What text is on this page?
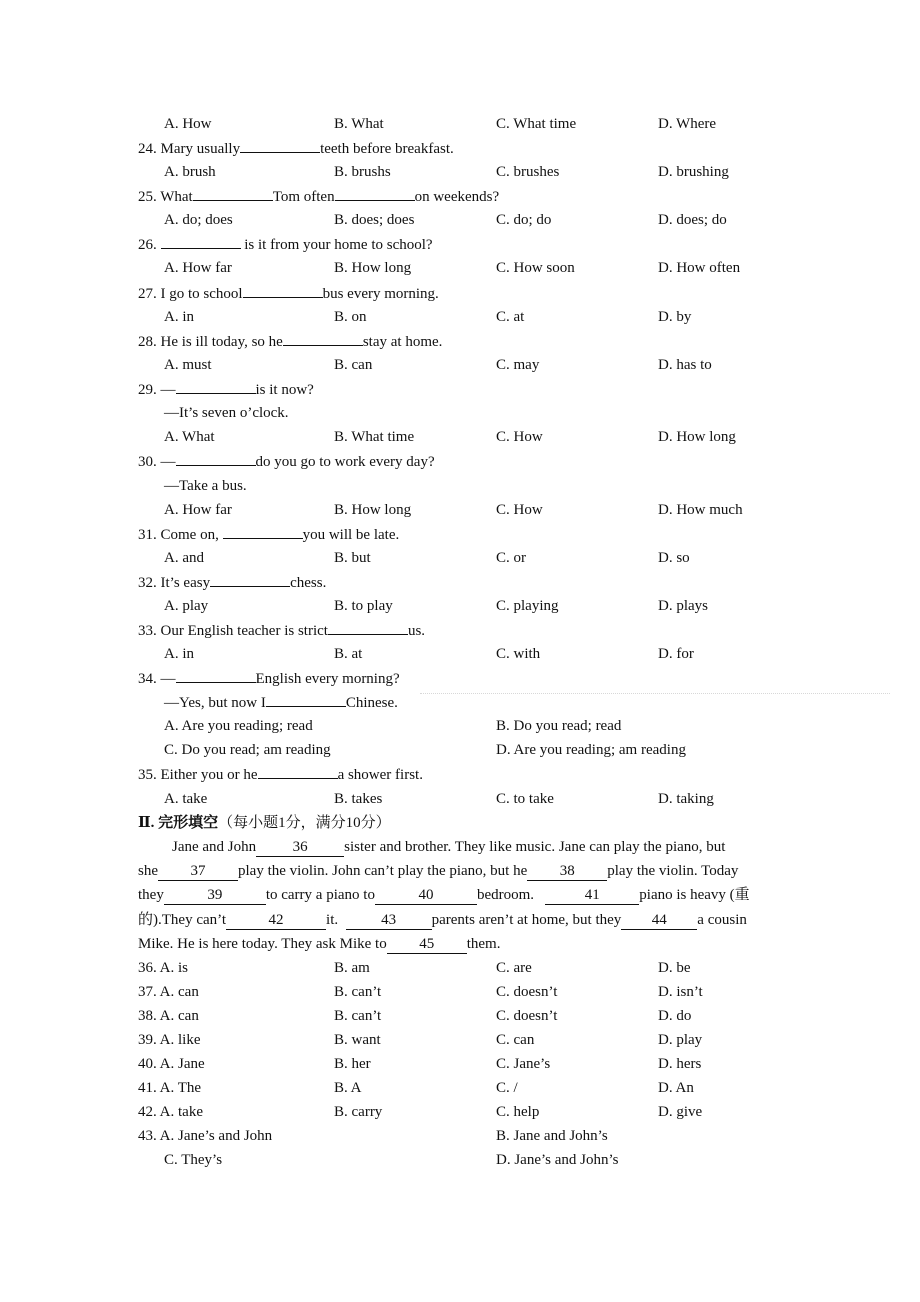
A. How	B. What	C. What time	D. Where
24. Mary usually	teeth before breakfast.
A. brush	B. brushs	C. brushes	D. brushing
25. What	Tom often	on weekends?
A. do; does	B. does; does	C. do; do	D. does; do
26.	is it from your home to school?
A. How far	B. How long	C. How soon	D. How often
27. I go to school	bus every morning.
A. in	B. on	C. at	D. by
28. He is ill today, so he	stay at home.
A. must	B. can	C. may	D. has to
29. —	is it now?
—It’s seven o’clock.
A. What	B. What time	C. How	D. How long
30. —	do you go to work every day?
—Take a bus.
A. How far	B. How long	C. How	D. How much
31. Come on,	you will be late.
A. and	B. but	C. or	D. so
32. It’s easy	chess.
A. play	B. to play	C. playing	D. plays
33. Our English teacher is strict	us.
A. in	B. at	C. with	D. for
34. —	English every morning?
—Yes, but now I	Chinese.
A. Are you reading; read	B. Do you read; read
C. Do you read; am reading	D. Are you reading; am reading
35. Either you or he	a shower first.
A. take	B. takes	C. to take	D. taking
Ⅱ. 完形填空（每小题1分，满分10分）
Jane and John 36 sister and brother. They like music. Jane can play the piano, but
she 37 play the violin. John can’t play the piano, but he 38 play the violin. Today
they	39	to carry a piano to	40	bedroom.	41	piano is heavy (重
的).They can’t	42	it.	43 parents aren’t at home, but they 44 a cousin
Mike. He is here today. They ask Mike to 45 them.
36. A. is	B. am	C. are	D. be
37. A. can	B. can’t	C. doesn’t	D. isn’t
38. A. can	B. can’t	C. doesn’t	D. do
39. A. like	B. want	C. can	D. play
40. A. Jane	B. her	C. Jane’s	D. hers
41. A. The	B. A	C. /	D. An
42. A. take	B. carry	C. help	D. give
43. A. Jane’s and John	B. Jane and John’s
C. They’s	D. Jane’s and John’s
